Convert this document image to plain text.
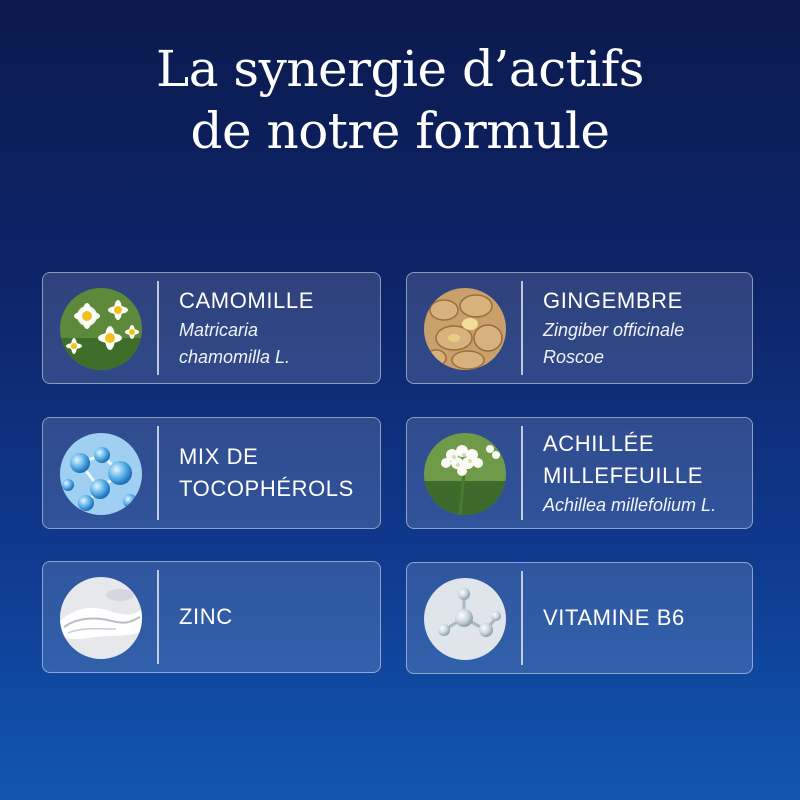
La synergie d’actifs
de notre formule
CAMOMILLE
Matricaria
chamomilla L.
GINGEMBRE
Zingiber officinale
Roscoe
MIX DE
TOCOPHÉROLS
ACHILLÉE
MILLEFEUILLE
Achillea millefolium L.
ZINC	VITAMINE B6
